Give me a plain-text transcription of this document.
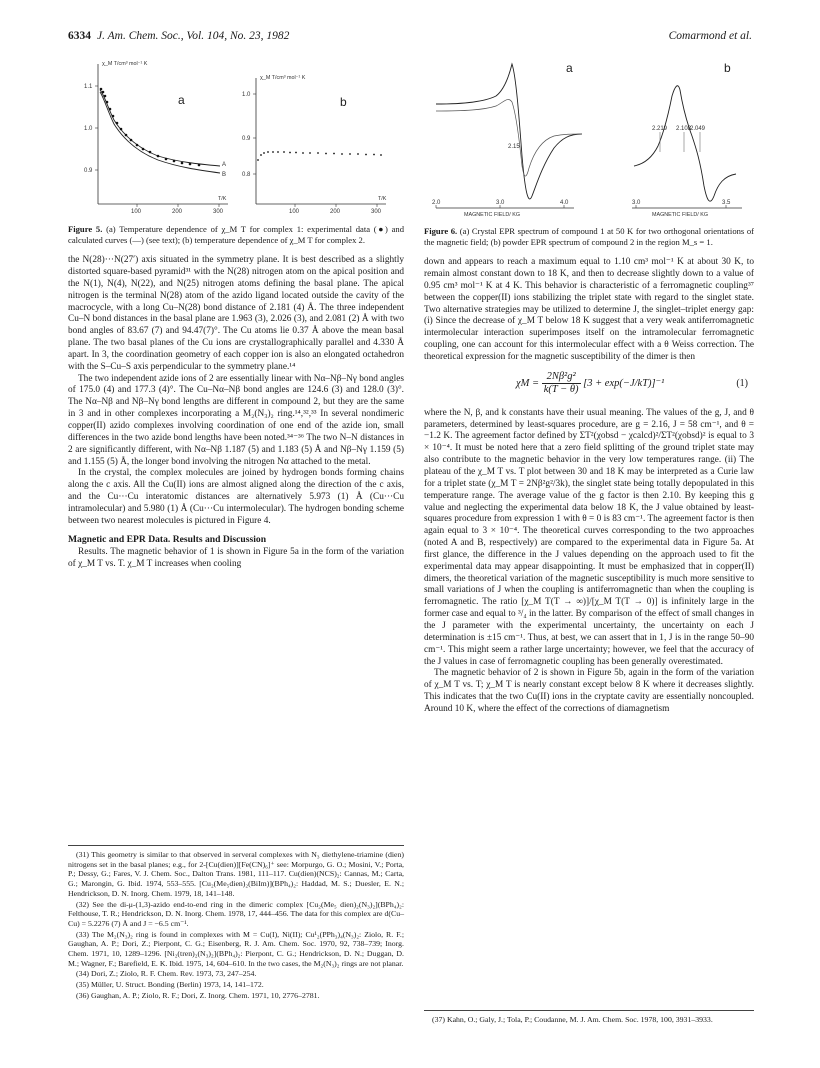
6334 J. Am. Chem. Soc., Vol. 104, No. 23, 1982	Comarmond et al.
χ_M T/cm³ mol⁻¹ K
1.1
1.0
0.9
100	200	300
T/K
a
A
B
χ_M T/cm³ mol⁻¹ K
1.0
0.9
0.8
100	200	300
T/K
b

Figure 5. (a) Temperature dependence of χ_M T for complex 1: experimental data (●) and calculated curves (—) (see text); (b) temperature dependence of χ_M T for complex 2.

the N(28)···N(27′) axis situated in the symmetry plane. It is best described as a slightly distorted square-based pyramid³¹ with the N(28) nitrogen atom on the apical position and the N(1), N(4), N(22), and N(25) nitrogen atoms defining the basal plane. The apical nitrogen is the terminal N(28) atom of the azido ligand located outside the cavity of the macrocycle, with a long Cu–N(28) bond distance of 2.181 (4) Å. The three independent Cu–N bond distances in the basal plane are 1.963 (3), 2.026 (3), and 2.081 (2) Å with two bond angles of 83.67 (7) and 94.47(7)°. The Cu atoms lie 0.37 Å above the mean basal plane. The two basal planes of the Cu ions are crystallographically parallel and 4.330 Å apart. In 3, the coordination geometry of each copper ion is also an elongated octahedron with the S–Cu–S axis perpendicular to the symmetry plane.¹⁴

The two independent azide ions of 2 are essentially linear with Nα–Nβ–Nγ bond angles of 175.0 (4) and 177.3 (4)°. The Cu–Nα–Nβ bond angles are 124.6 (3) and 128.0 (3)°. The Nα–Nβ and Nβ–Nγ bond lengths are different in compound 2, but they are the same in 3 and in other complexes incorporating a M₂(N₃)₂ ring.¹⁴,³²,³³ In several nondimeric copper(II) azido complexes involving coordination of one end of the azide ion, small differences in the two azide bond lengths have been noted.³⁴⁻³⁶ The two N–N distances in 2 are significantly different, with Nα–Nβ 1.187 (5) and 1.183 (5) Å and Nβ–Nγ 1.159 (5) and 1.155 (5) Å, the longer bond involving the nitrogen Nα attached to the metal.

In the crystal, the complex molecules are joined by hydrogen bonds forming chains along the c axis. All the Cu(II) ions are almost aligned along the direction of the c axis, and the Cu···Cu interatomic distances are alternatively 5.973 (1) Å (Cu···Cu intramolecular) and 5.980 (1) Å (Cu···Cu intermolecular). The hydrogen bonding scheme between two nearest molecules is pictured in Figure 4.

Magnetic and EPR Data. Results and Discussion

Results. The magnetic behavior of 1 is shown in Figure 5a in the form of the variation of χ_M T vs. T. χ_M T increases when cooling

(31) This geometry is similar to that observed in serveral complexes with N₃ diethylene-triamine (dien) nitrogens set in the basal planes; e.g., for 2-[Cu(dien)][Fe(CN)₆]⁺ see: Morpurgo, G. O.; Mosini, V.; Porta, P.; Dessy, G.; Fares, V. J. Chem. Soc., Dalton Trans. 1981, 111–117. Cu(dien)(NCS)₂: Cannas, M.; Carta, G.; Marongin, G. Ibid. 1974, 553–555. [Cu₂(Me₅dien)₂(BiIm)](BPh₄)₂: Haddad, M. S.; Duesler, E. N.; Hendrickson, D. N. Inorg. Chem. 1979, 18, 141–148.

(32) See the di-μ-(1,3)-azido end-to-end ring in the dimeric complex [Cu₂(Me₅ dien)₂(N₃)₂](BPh₄)₂: Felthouse, T. R.; Hendrickson, D. N. Inorg. Chem. 1978, 17, 444–456. The data for this complex are d(Cu–Cu) = 5.2276 (7) Å and J = −6.5 cm⁻¹.

(33) The M₂(N₃)₂ ring is found in complexes with M = Cu(I), Ni(II); Cu¹₂(PPh₃)₄(N₃)₂: Ziolo, R. F.; Gaughan, A. P.; Dori, Z.; Pierpont, C. G.; Eisenberg, R. J. Am. Chem. Soc. 1970, 92, 738–739; Inorg. Chem. 1971, 10, 1289–1296. [Ni₂(tren)₂(N₃)₂](BPh₄)₂: Pierpont, C. G.; Hendrickson, D. N.; Duggan, D. M.; Wagner, F.; Barefield, E. K. Ibid. 1975, 14, 604–610. In the two cases, the M₂(N₃)₂ rings are not planar.

(34) Dori, Z.; Ziolo, R. F. Chem. Rev. 1973, 73, 247–254.

(35) Müller, U. Struct. Bonding (Berlin) 1973, 14, 141–172.

(36) Gaughan, A. P.; Ziolo, R. F.; Dori, Z. Inorg. Chem. 1971, 10, 2776–2781.

a	b
2.15
2.0	3.0	4.0
MAGNETIC FIELD/ KG
2.219 2.108
2.049
3.0	3.5
MAGNETIC FIELD/ KG

Figure 6. (a) Crystal EPR spectrum of compound 1 at 50 K for two orthogonal orientations of the magnetic field; (b) powder EPR spectrum of compound 2 in the region M_s = 1.

down and appears to reach a maximum equal to 1.10 cm³ mol⁻¹ K at about 30 K, to remain almost constant down to 18 K, and then to decrease slightly down to a value of 0.95 cm³ mol⁻¹ K at 4 K. This behavior is characteristic of a ferromagnetic coupling³⁷ between the copper(II) ions stabilizing the triplet state with regard to the singlet state. Two alternative strategies may be utilized to determine J, the singlet–triplet energy gap: (i) Since the decrease of χ_M T below 18 K suggest that a very weak antiferromagnetic intermolecular interaction superimposes itself on the intramolecular ferromagnetic coupling, one can account for this intermolecular effect with a θ Weiss correction. The theoretical expression for the magnetic susceptibility of the dimer is then

$\chi M = \frac{\text{2Nβ²g²}}{k(T - \theta)} [3 + \exp(-J/kT)]^{-1}$	(1)

where the N, β, and k constants have their usual meaning. The values of the g, J, and θ parameters, determined by least-squares procedure, are g = 2.16, J = 58 cm⁻¹, and θ = −1.2 K. The agreement factor defined by ΣT²(χobsd − χcalcd)²/ΣT²(χobsd)² is equal to 3 × 10⁻⁴. It must be noted here that a zero field splitting of the ground triplet state may also contribute to the magnetic behavior in the very low temperatures range. (ii) The plateau of the χ_M T vs. T plot between 30 and 18 K may be interpreted as a Curie law for a triplet state (χ_M T = 2Nβ²g²/3k), the singlet state being totally depopulated in this temperature range. The average value of the g factor is then 2.10. By keeping this g value and neglecting the experimental data below 18 K, the J value obtained by least-squares procedure from expression 1 with θ = 0 is 83 cm⁻¹. The agreement factor is then again equal to 3 × 10⁻⁴. The theoretical curves corresponding to the two approaches (noted A and B, respectively) are compared to the experimental data in Figure 5a. At first glance, the difference in the J values depending on the approach used to fit the experimental data may appear disappointing. It must be emphasized that in copper(II) dimers, the theoretical variation of the magnetic susceptibility is much more sensitive to small variations of J when the coupling is antiferromagnetic than when the coupling is ferromagnetic. The ratio [χ_M T(T → ∞)]/[χ_M T(T → 0)] is infinitely large in the former case and equal to ³/₄ in the latter. By comparison of the effect of small changes in the J parameter with the experimental uncertainty, the uncertainty on each J determination is ±15 cm⁻¹. Thus, at best, we can assert that in 1, J is in the range 50–90 cm⁻¹. This might seem a rather large uncertainty; however, we feel that the accuracy of the J values in case of ferromagnetic coupling has been generally overestimated.

The magnetic behavior of 2 is shown in Figure 5b, again in the form of the variation of χ_M T vs. T; χ_M T is nearly constant except below 8 K where it decreases slightly. This indicates that the two Cu(II) ions in the cryptate cavity are essentially noncoupled. Around 10 K, where the effect of the corrections of diamagnetism

(37) Kahn, O.; Galy, J.; Tola, P.; Coudanne, M. J. Am. Chem. Soc. 1978, 100, 3931–3933.
